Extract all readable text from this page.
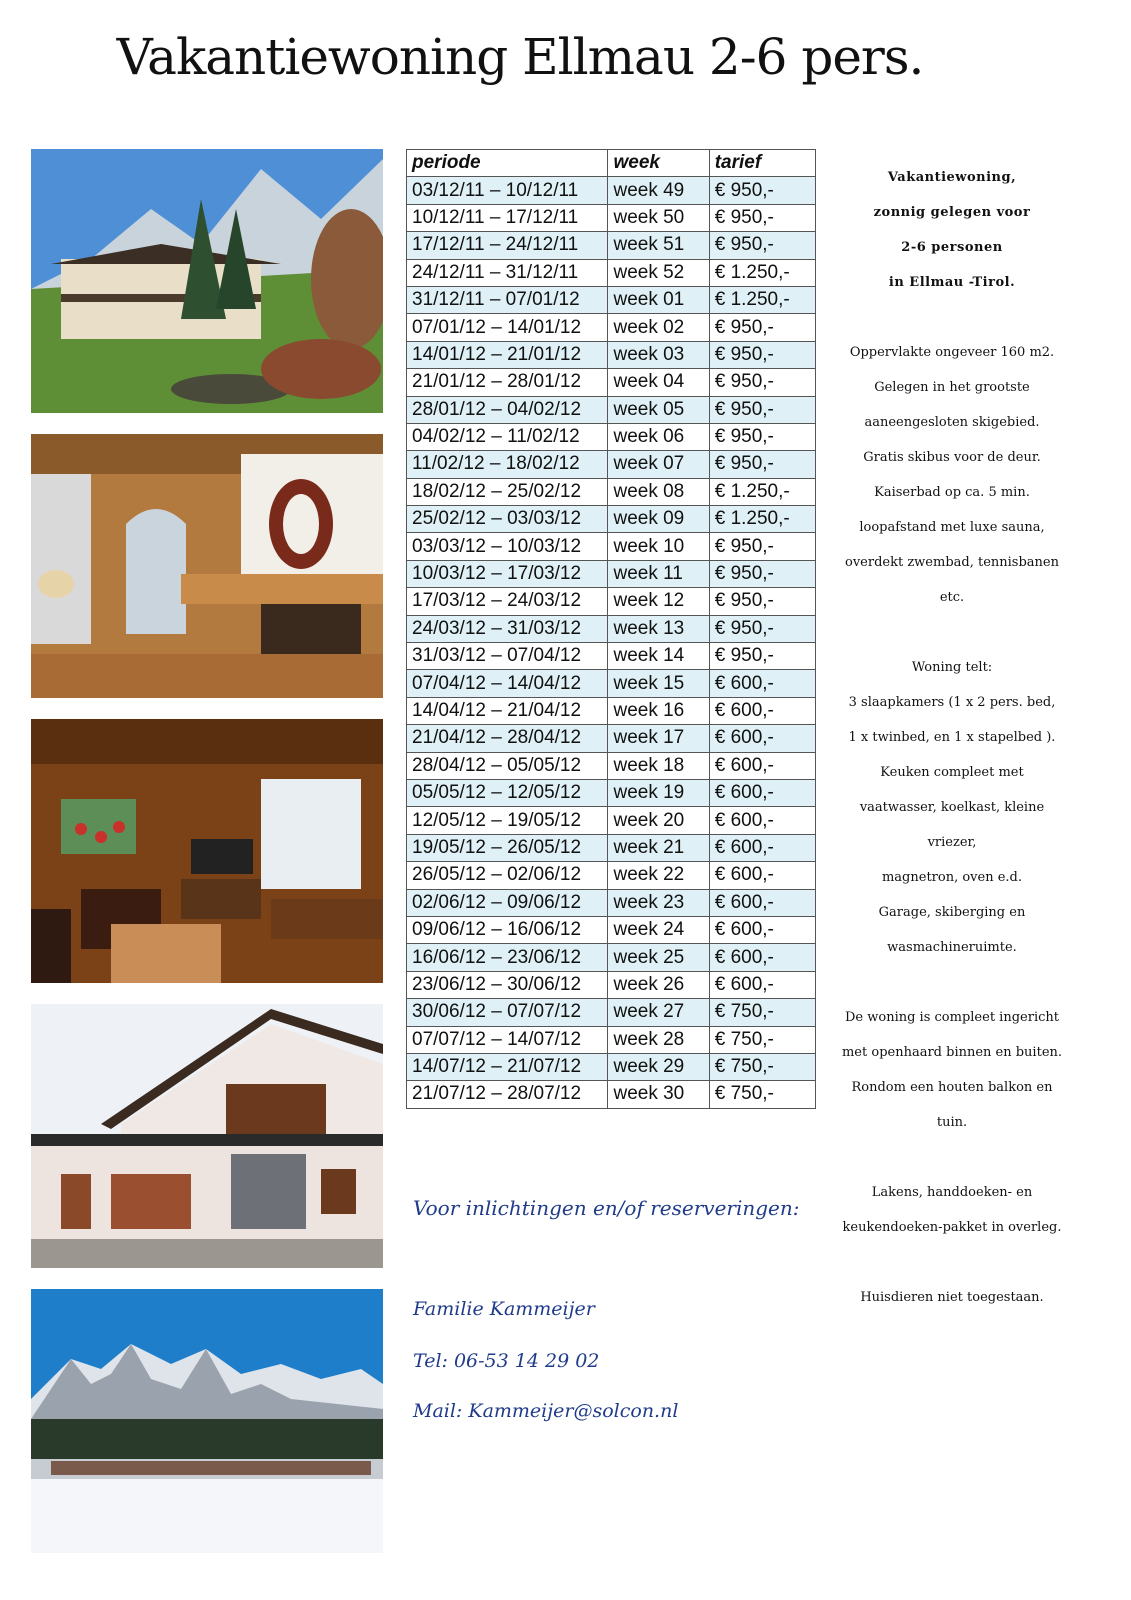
Vakantiewoning Ellmau 2-6 pers.
periode	week	tarief
03/12/11 – 10/12/11	week 49	€ 950,-
10/12/11 – 17/12/11	week 50	€ 950,-
17/12/11 – 24/12/11	week 51	€ 950,-
24/12/11 – 31/12/11	week 52	€ 1.250,-
31/12/11 – 07/01/12	week 01	€ 1.250,-
07/01/12 – 14/01/12	week 02	€ 950,-
14/01/12 – 21/01/12	week 03	€ 950,-
21/01/12 – 28/01/12	week 04	€ 950,-
28/01/12 – 04/02/12	week 05	€ 950,-
04/02/12 – 11/02/12	week 06	€ 950,-
11/02/12 – 18/02/12	week 07	€ 950,-
18/02/12 – 25/02/12	week 08	€ 1.250,-
25/02/12 – 03/03/12	week 09	€ 1.250,-
03/03/12 – 10/03/12	week 10	€ 950,-
10/03/12 – 17/03/12	week 11	€ 950,-
17/03/12 – 24/03/12	week 12	€ 950,-
24/03/12 – 31/03/12	week 13	€ 950,-
31/03/12 – 07/04/12	week 14	€ 950,-
07/04/12 – 14/04/12	week 15	€ 600,-
14/04/12 – 21/04/12	week 16	€ 600,-
21/04/12 – 28/04/12	week 17	€ 600,-
28/04/12 – 05/05/12	week 18	€ 600,-
05/05/12 – 12/05/12	week 19	€ 600,-
12/05/12 – 19/05/12	week 20	€ 600,-
19/05/12 – 26/05/12	week 21	€ 600,-
26/05/12 – 02/06/12	week 22	€ 600,-
02/06/12 – 09/06/12	week 23	€ 600,-
09/06/12 – 16/06/12	week 24	€ 600,-
16/06/12 – 23/06/12	week 25	€ 600,-
23/06/12 – 30/06/12	week 26	€ 600,-
30/06/12 – 07/07/12	week 27	€ 750,-
07/07/12 – 14/07/12	week 28	€ 750,-
14/07/12 – 21/07/12	week 29	€ 750,-
21/07/12 – 28/07/12	week 30	€ 750,-
Vakantiewoning,
zonnig gelegen voor
2-6 personen
in Ellmau -Tirol.
Oppervlakte ongeveer 160 m2.
Gelegen in het grootste
aaneengesloten skigebied.
Gratis skibus voor de deur.
Kaiserbad op ca. 5 min.
loopafstand met luxe sauna,
overdekt zwembad, tennisbanen
etc.
Woning telt:
3 slaapkamers (1 x 2 pers. bed,
1 x twinbed, en 1 x stapelbed ).
Keuken compleet met
vaatwasser, koelkast, kleine vriezer,
magnetron, oven e.d.
Garage, skiberging en
wasmachineruimte.
De woning is compleet ingericht
met openhaard binnen en buiten.
Rondom een houten balkon en tuin.
Lakens, handdoeken- en
keukendoeken-pakket in overleg.
Huisdieren niet toegestaan.
Voor inlichtingen en/of reserveringen:
Familie Kammeijer
Tel: 06-53 14 29 02
Mail: Kammeijer@solcon.nl
